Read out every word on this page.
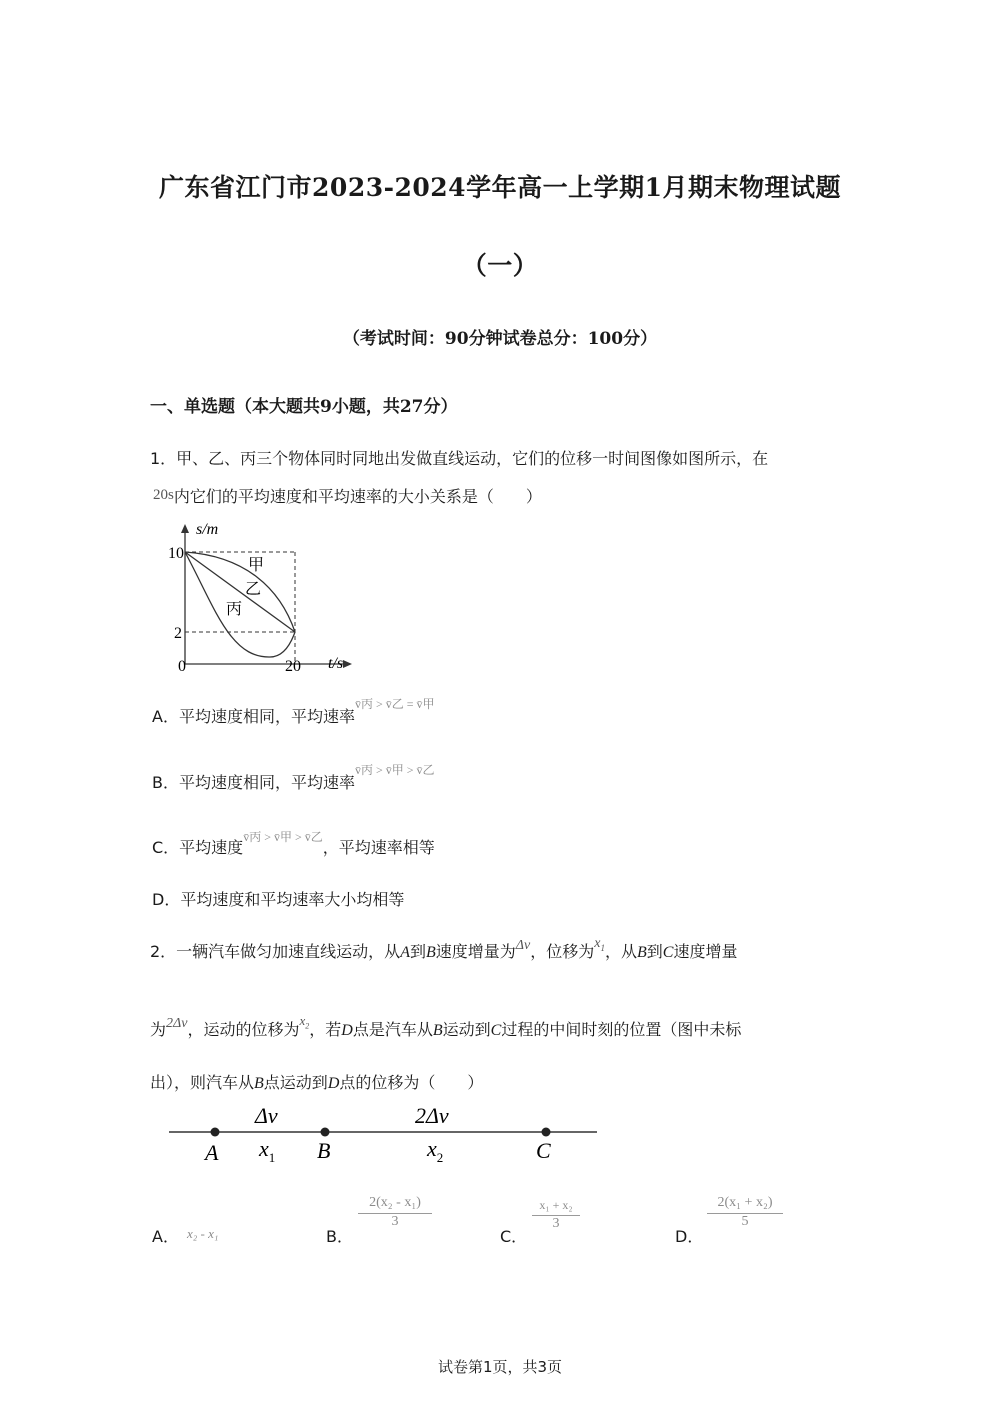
广东省江门市2023-2024学年高一上学期1月期末物理试题
（一）
（考试时间：90分钟试卷总分：100分）
一、单选题（本大题共9小题，共27分）
1．甲、乙、丙三个物体同时同地出发做直线运动，它们的位移一时间图像如图所示，在
20s内它们的平均速度和平均速率的大小关系是（　　）
s/m
t/s
10
2
0	20
甲
乙
丙
A．平均速度相同，平均速率$^{v̄丙 > v̄乙 = v̄甲}$
B．平均速度相同，平均速率$^{v̄丙 > v̄甲 > v̄乙}$
C．平均速度$^{v̄丙 > v̄甲 > v̄乙}$，平均速率相等
D．平均速度和平均速率大小均相等
2．一辆汽车做匀加速直线运动，从A到B速度增量为Δv，位移为$x_1$，从B到C速度增量
为2Δv，运动的位移为$^{x_2}$，若D点是汽车从B运动到C过程的中间时刻的位置（图中未标
出），则汽车从B点运动到D点的位移为（　　）
Δv	2Δv
A	B	C
$x_1$	$x_2$
A． $^{x_2 - x_1}$	B．
$\frac{\text{2(x₂ - x₁)}}{3}$
C．
$\frac{\text{x₁ + x₂}}{3}$
D．
$\frac{\text{2(x₁ + x₂)}}{5}$
试卷第1页，共3页
